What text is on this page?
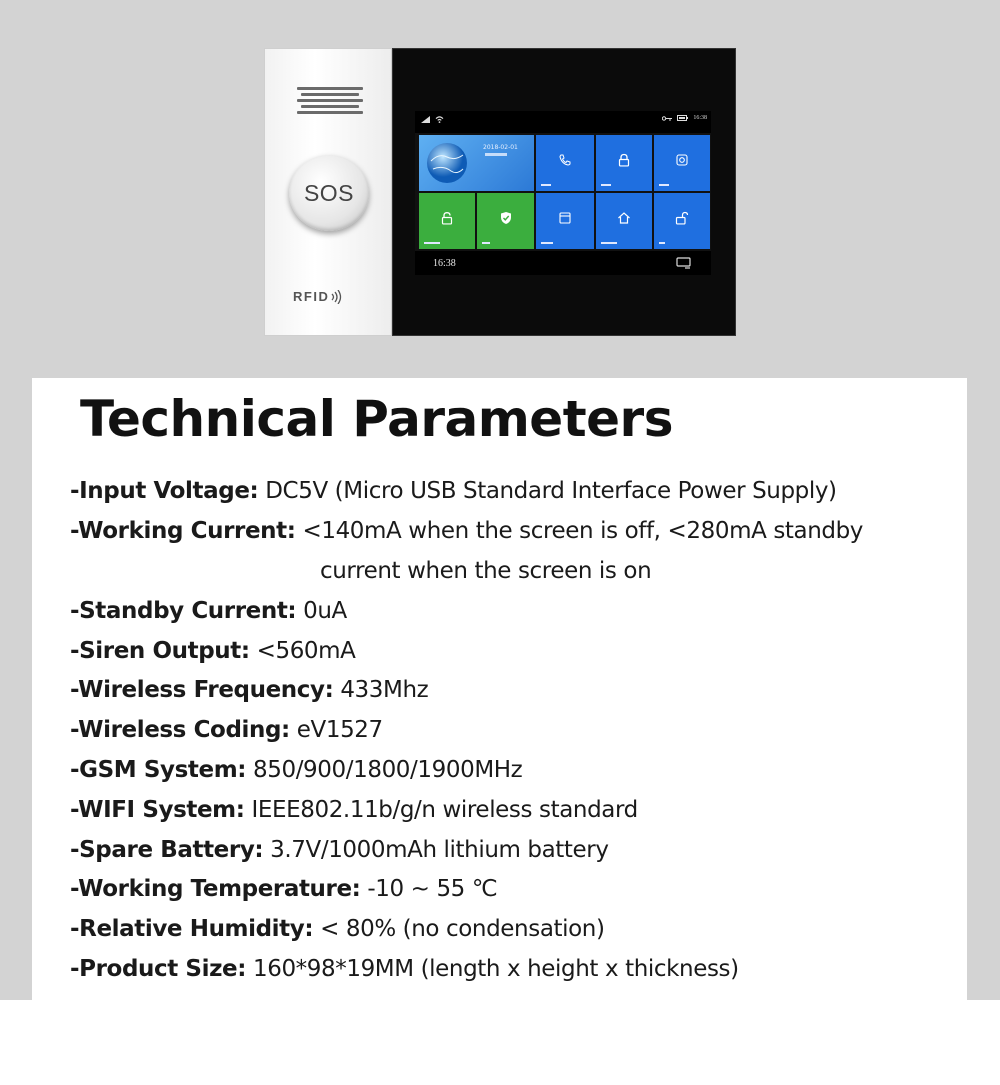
SOS
RFID
16:38
2018-02-01
16:38
Technical Parameters
-Input Voltage: DC5V (Micro USB Standard Interface Power Supply)
-Working Current: <140mA when the screen is off, <280mA standby
current when the screen is on
-Standby Current: 0uA
-Siren Output: <560mA
-Wireless Frequency: 433Mhz
-Wireless Coding: eV1527
-GSM System: 850/900/1800/1900MHz
-WIFI System: IEEE802.11b/g/n wireless standard
-Spare Battery: 3.7V/1000mAh lithium battery
-Working Temperature: -10 ~ 55 ℃
-Relative Humidity: < 80% (no condensation)
-Product Size: 160*98*19MM (length x height x thickness)
